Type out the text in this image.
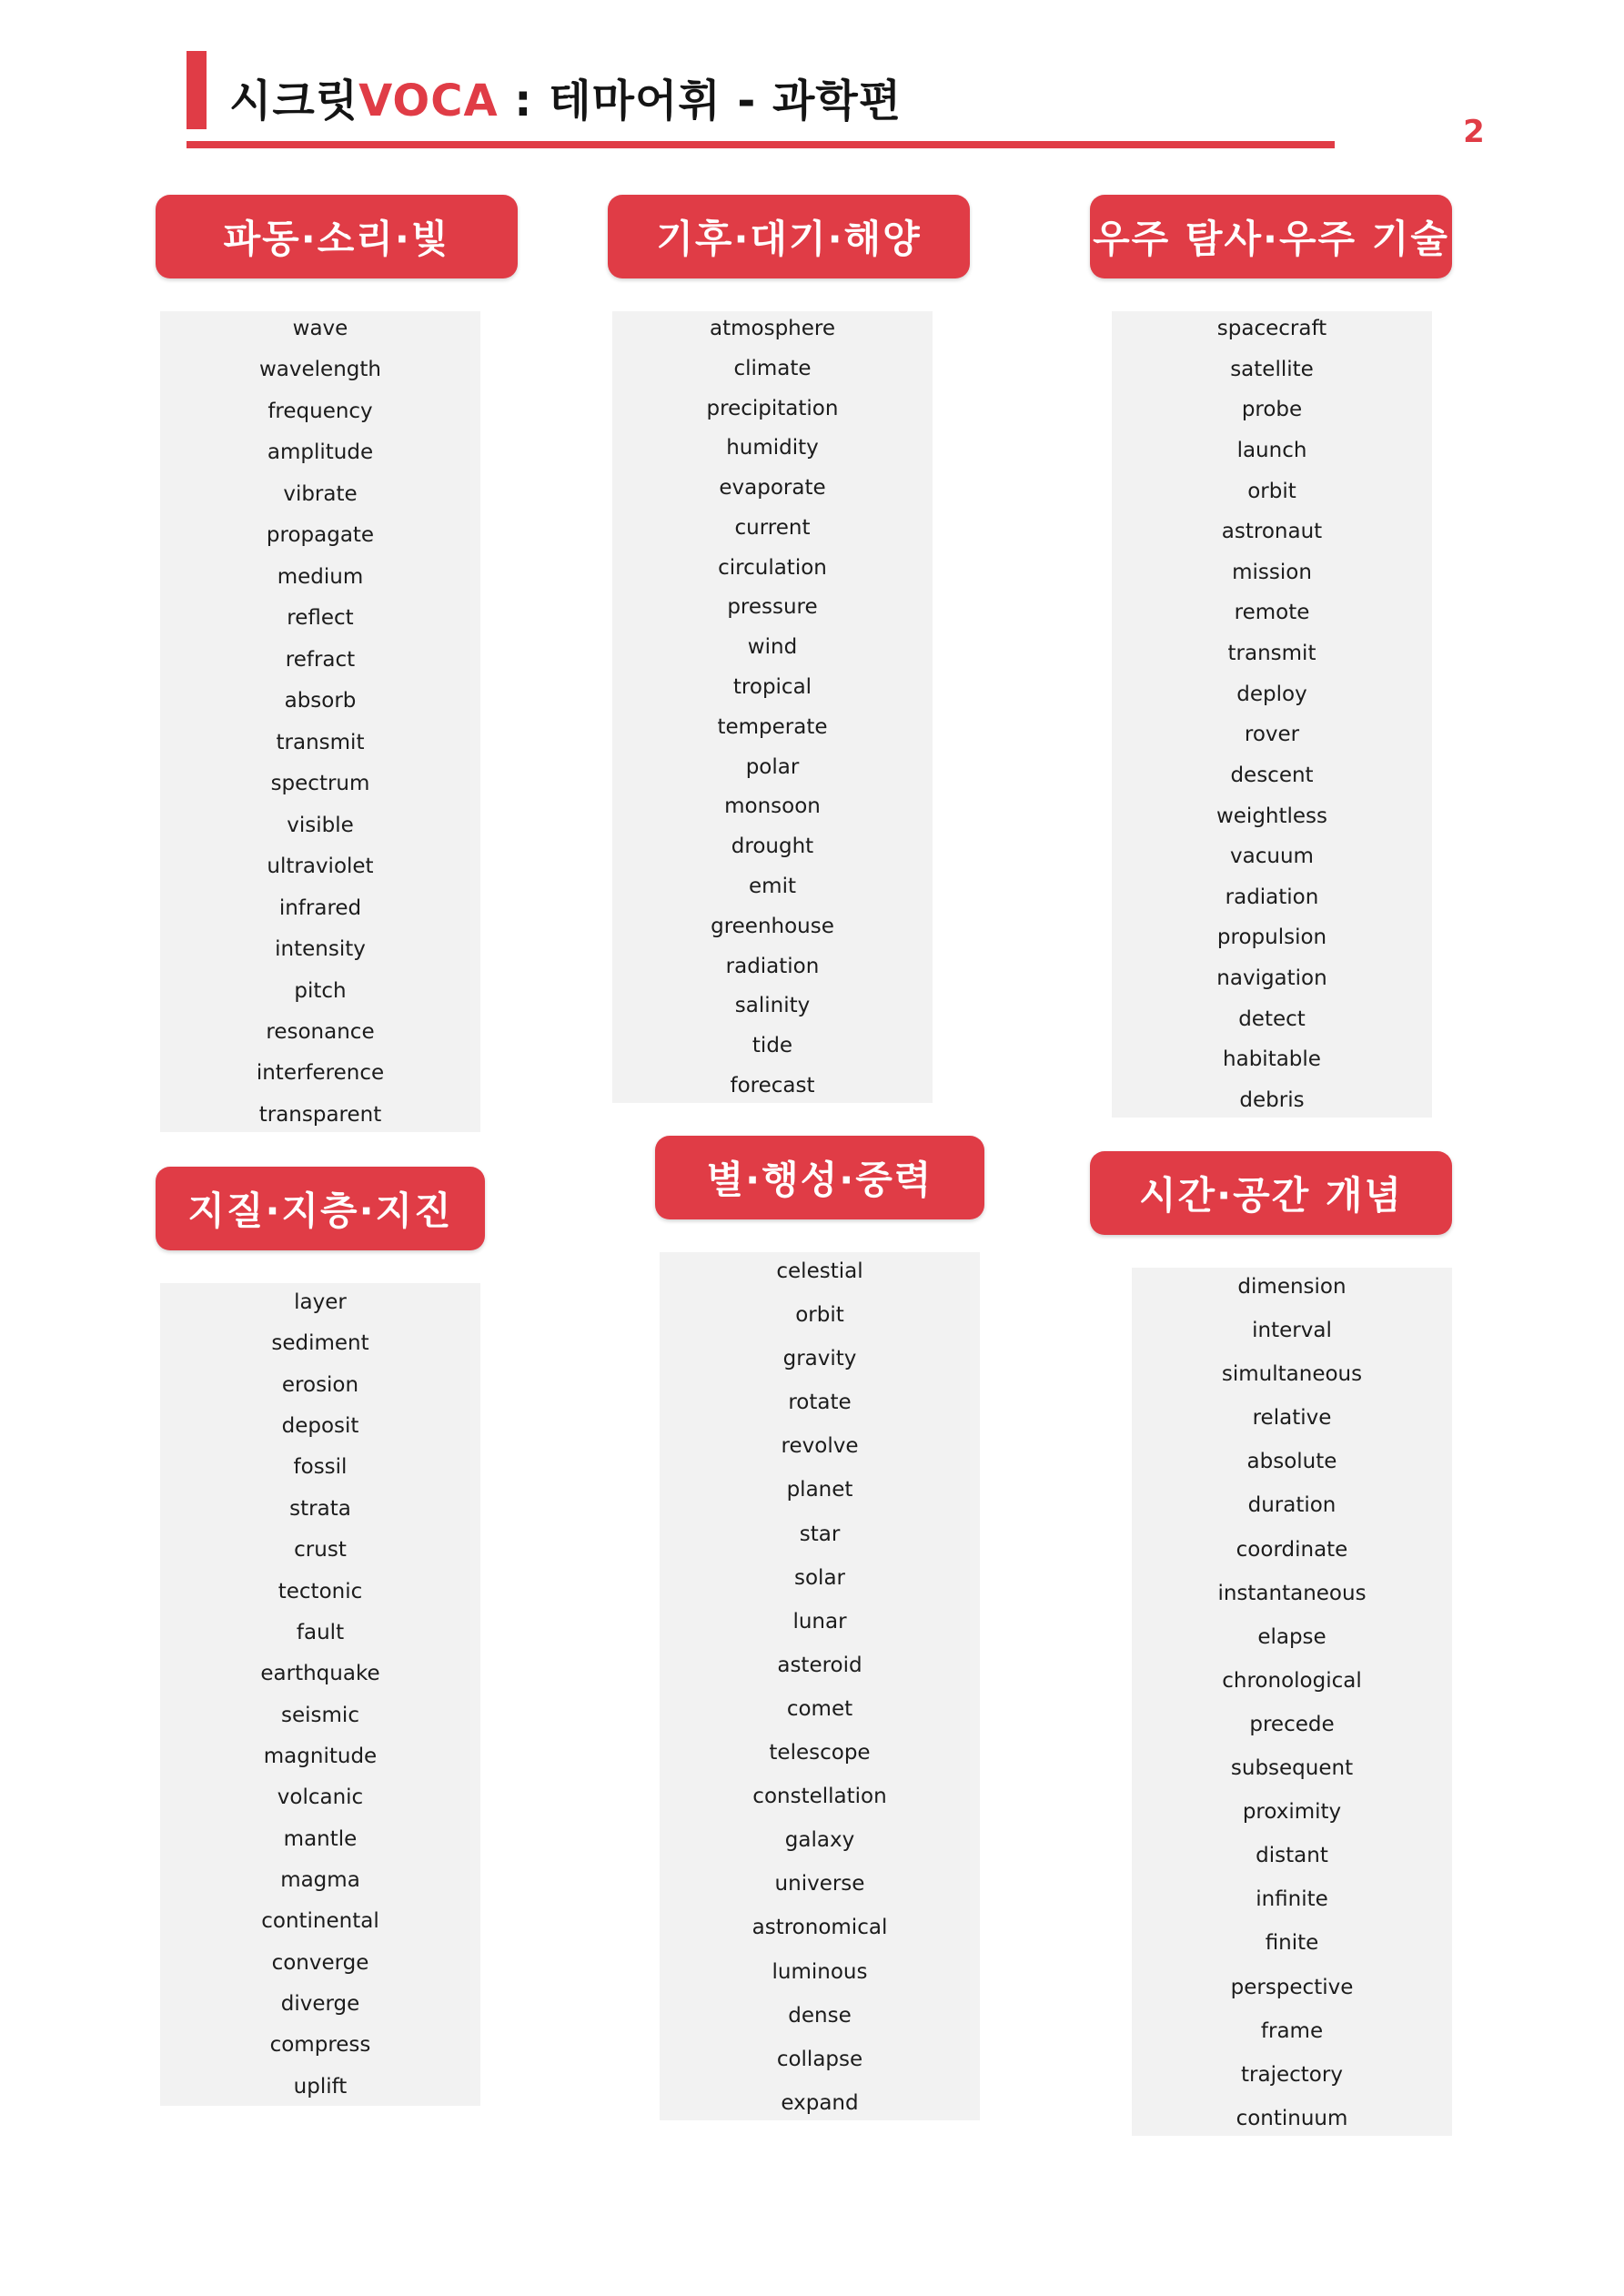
시크릿VOCA : 테마어휘 - 과학편
2
파동·소리·빛
wave
wavelength
frequency
amplitude
vibrate
propagate
medium
reflect
refract
absorb
transmit
spectrum
visible
ultraviolet
infrared
intensity
pitch
resonance
interference
transparent
기후·대기·해양
atmosphere
climate
precipitation
humidity
evaporate
current
circulation
pressure
wind
tropical
temperate
polar
monsoon
drought
emit
greenhouse
radiation
salinity
tide
forecast
우주 탐사·우주 기술
spacecraft
satellite
probe
launch
orbit
astronaut
mission
remote
transmit
deploy
rover
descent
weightless
vacuum
radiation
propulsion
navigation
detect
habitable
debris
지질·지층·지진
layer
sediment
erosion
deposit
fossil
strata
crust
tectonic
fault
earthquake
seismic
magnitude
volcanic
mantle
magma
continental
converge
diverge
compress
uplift
별·행성·중력
celestial
orbit
gravity
rotate
revolve
planet
star
solar
lunar
asteroid
comet
telescope
constellation
galaxy
universe
astronomical
luminous
dense
collapse
expand
시간·공간 개념
dimension
interval
simultaneous
relative
absolute
duration
coordinate
instantaneous
elapse
chronological
precede
subsequent
proximity
distant
infinite
finite
perspective
frame
trajectory
continuum
